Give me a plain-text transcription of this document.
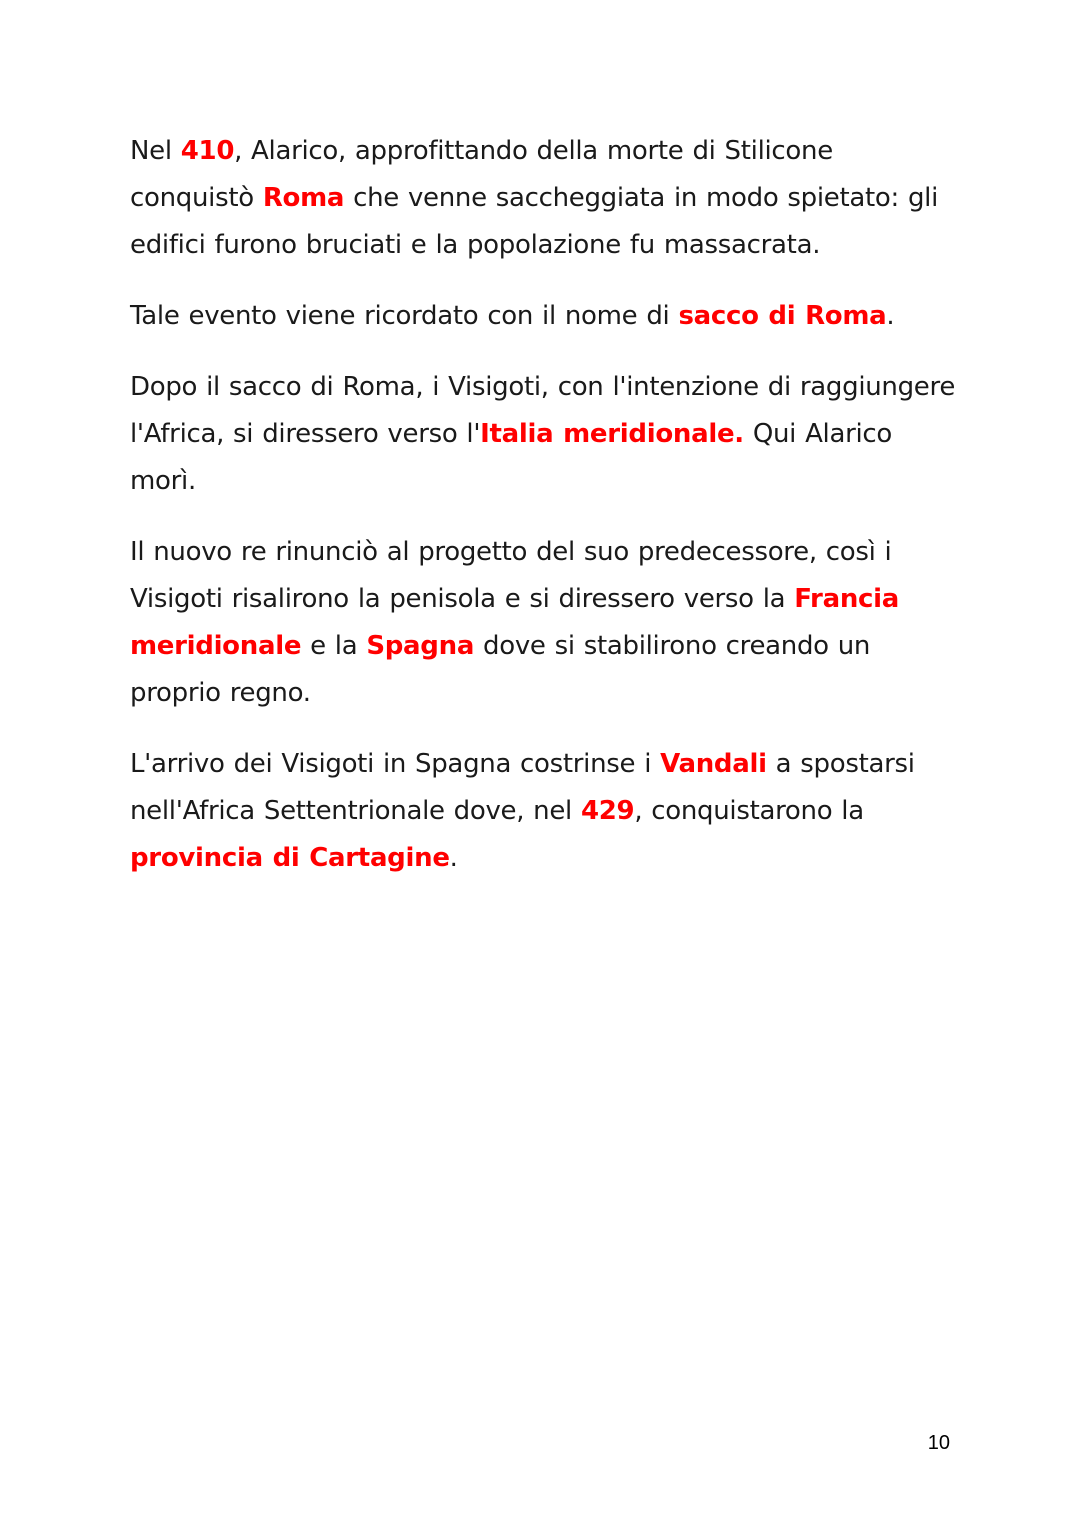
Nel 410, Alarico, approfittando della morte di Stilicone conquistò Roma che venne saccheggiata in modo spietato: gli edifici furono bruciati e la popolazione fu massacrata.

Tale evento viene ricordato con il nome di sacco di Roma.

Dopo il sacco di Roma, i Visigoti, con l'intenzione di raggiungere l'Africa, si diressero verso l'Italia meridionale. Qui Alarico morì.

Il nuovo re rinunciò al progetto del suo predecessore, così i Visigoti risalirono la penisola e si diressero verso la Francia meridionale e la Spagna dove si stabilirono creando un proprio regno.

L'arrivo dei Visigoti in Spagna costrinse i Vandali a spostarsi nell'Africa Settentrionale dove, nel 429, conquistarono la provincia di Cartagine.

10
